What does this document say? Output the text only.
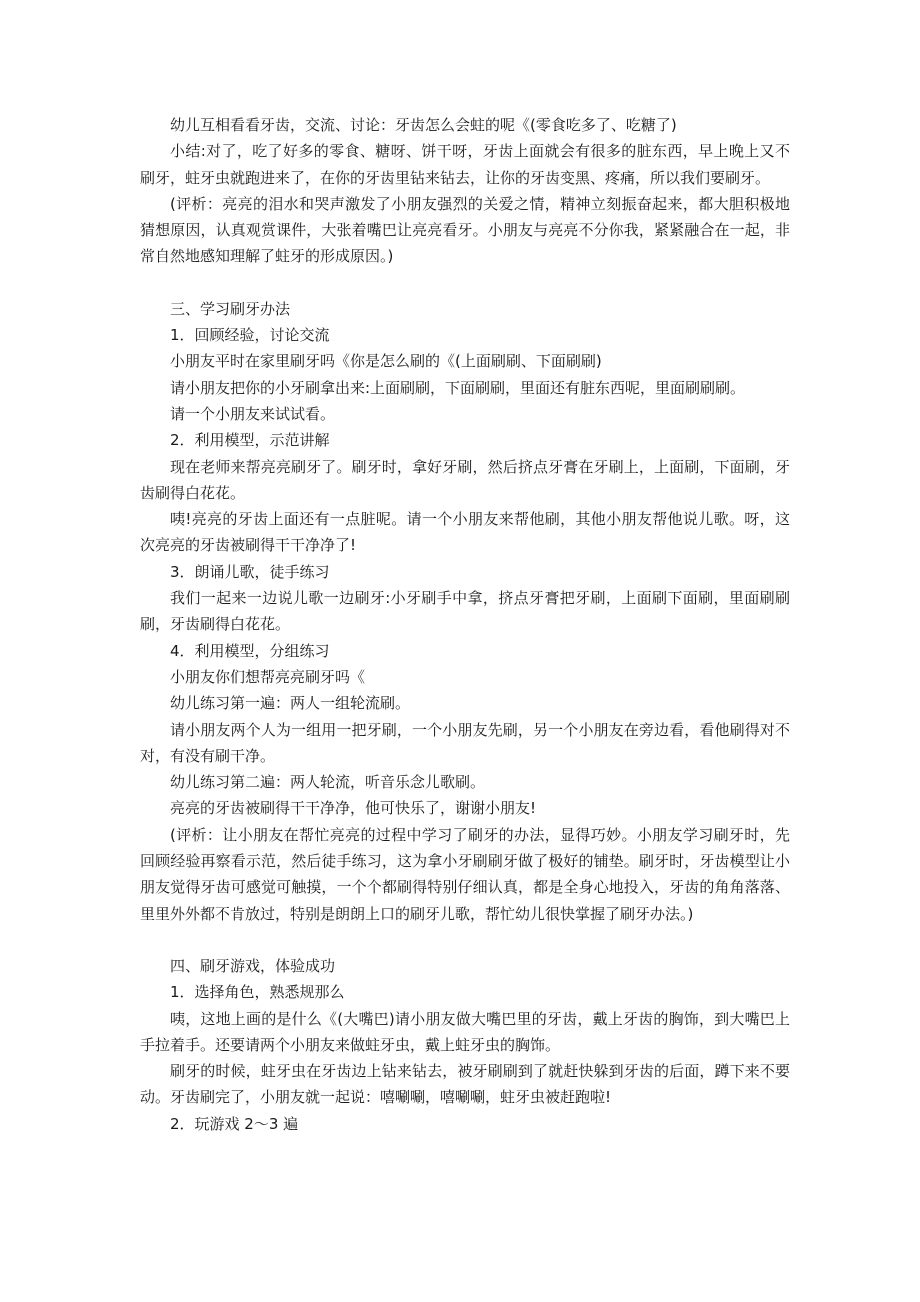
幼儿互相看看牙齿，交流、讨论：牙齿怎么会蛀的呢《(零食吃多了、吃糖了)

小结:对了，吃了好多的零食、糖呀、饼干呀，牙齿上面就会有很多的脏东西，早上晚上又不刷牙，蛀牙虫就跑进来了，在你的牙齿里钻来钻去，让你的牙齿变黑、疼痛，所以我们要刷牙。

(评析：亮亮的泪水和哭声激发了小朋友强烈的关爱之情，精神立刻振奋起来，都大胆积极地猜想原因，认真观赏课件，大张着嘴巴让亮亮看牙。小朋友与亮亮不分你我，紧紧融合在一起，非常自然地感知理解了蛀牙的形成原因。)

三、学习刷牙办法

1．回顾经验，讨论交流

小朋友平时在家里刷牙吗《你是怎么刷的《(上面刷刷、下面刷刷)

请小朋友把你的小牙刷拿出来:上面刷刷，下面刷刷，里面还有脏东西呢，里面刷刷刷。

请一个小朋友来试试看。

2．利用模型，示范讲解

现在老师来帮亮亮刷牙了。刷牙时，拿好牙刷，然后挤点牙膏在牙刷上，上面刷，下面刷，牙齿刷得白花花。

咦!亮亮的牙齿上面还有一点脏呢。请一个小朋友来帮他刷，其他小朋友帮他说儿歌。呀，这次亮亮的牙齿被刷得干干净净了!

3．朗诵儿歌，徒手练习

我们一起来一边说儿歌一边刷牙:小牙刷手中拿，挤点牙膏把牙刷，上面刷下面刷，里面刷刷刷，牙齿刷得白花花。

4．利用模型，分组练习

小朋友你们想帮亮亮刷牙吗《

幼儿练习第一遍：两人一组轮流刷。

请小朋友两个人为一组用一把牙刷，一个小朋友先刷，另一个小朋友在旁边看，看他刷得对不对，有没有刷干净。

幼儿练习第二遍：两人轮流，听音乐念儿歌刷。

亮亮的牙齿被刷得干干净净，他可快乐了，谢谢小朋友!

(评析：让小朋友在帮忙亮亮的过程中学习了刷牙的办法，显得巧妙。小朋友学习刷牙时，先回顾经验再察看示范，然后徒手练习，这为拿小牙刷刷牙做了极好的铺垫。刷牙时，牙齿模型让小朋友觉得牙齿可感觉可触摸，一个个都刷得特别仔细认真，都是全身心地投入，牙齿的角角落落、里里外外都不肯放过，特别是朗朗上口的刷牙儿歌，帮忙幼儿很快掌握了刷牙办法。)

四、刷牙游戏，体验成功

1．选择角色，熟悉规那么

咦，这地上画的是什么《(大嘴巴)请小朋友做大嘴巴里的牙齿，戴上牙齿的胸饰，到大嘴巴上手拉着手。还要请两个小朋友来做蛀牙虫，戴上蛀牙虫的胸饰。

刷牙的时候，蛀牙虫在牙齿边上钻来钻去，被牙刷刷到了就赶快躲到牙齿的后面，蹲下来不要动。牙齿刷完了，小朋友就一起说：嘻唰唰，嘻唰唰，蛀牙虫被赶跑啦!

2．玩游戏 2～3 遍
